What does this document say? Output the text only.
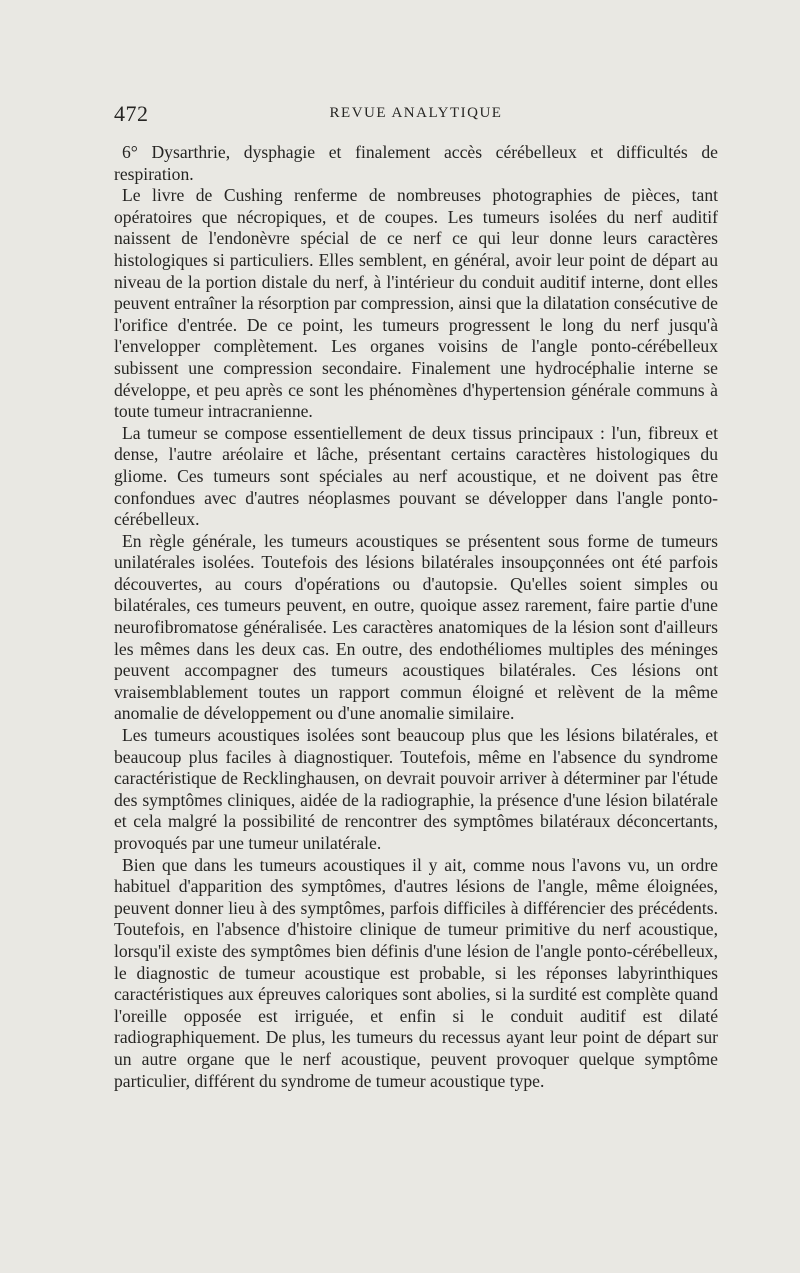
472	REVUE ANALYTIQUE

6° Dysarthrie, dysphagie et finalement accès cérébelleux et difficultés de respiration.

Le livre de Cushing renferme de nombreuses photographies de pièces, tant opératoires que nécropiques, et de coupes. Les tumeurs isolées du nerf auditif naissent de l'endonèvre spécial de ce nerf ce qui leur donne leurs caractères histologiques si particuliers. Elles semblent, en général, avoir leur point de départ au niveau de la portion distale du nerf, à l'intérieur du conduit auditif interne, dont elles peuvent entraîner la résorption par compression, ainsi que la dilatation consécutive de l'orifice d'entrée. De ce point, les tumeurs progressent le long du nerf jusqu'à l'envelopper complètement. Les organes voisins de l'angle ponto-cérébelleux subissent une compression secondaire. Finalement une hydrocéphalie interne se développe, et peu après ce sont les phénomènes d'hypertension générale communs à toute tumeur intracranienne.

La tumeur se compose essentiellement de deux tissus principaux : l'un, fibreux et dense, l'autre aréolaire et lâche, présentant certains caractères histologiques du gliome. Ces tumeurs sont spéciales au nerf acoustique, et ne doivent pas être confondues avec d'autres néoplasmes pouvant se développer dans l'angle ponto-cérébelleux.

En règle générale, les tumeurs acoustiques se présentent sous forme de tumeurs unilatérales isolées. Toutefois des lésions bilatérales insoupçonnées ont été parfois découvertes, au cours d'opérations ou d'autopsie. Qu'elles soient simples ou bilatérales, ces tumeurs peuvent, en outre, quoique assez rarement, faire partie d'une neurofibromatose généralisée. Les caractères anatomiques de la lésion sont d'ailleurs les mêmes dans les deux cas. En outre, des endothéliomes multiples des méninges peuvent accompagner des tumeurs acoustiques bilatérales. Ces lésions ont vraisemblablement toutes un rapport commun éloigné et relèvent de la même anomalie de développement ou d'une anomalie similaire.

Les tumeurs acoustiques isolées sont beaucoup plus que les lésions bilatérales, et beaucoup plus faciles à diagnostiquer. Toutefois, même en l'absence du syndrome caractéristique de Recklinghausen, on devrait pouvoir arriver à déterminer par l'étude des symptômes cliniques, aidée de la radiographie, la présence d'une lésion bilatérale et cela malgré la possibilité de rencontrer des symptômes bilatéraux déconcertants, provoqués par une tumeur unilatérale.

Bien que dans les tumeurs acoustiques il y ait, comme nous l'avons vu, un ordre habituel d'apparition des symptômes, d'autres lésions de l'angle, même éloignées, peuvent donner lieu à des symptômes, parfois difficiles à différencier des précédents. Toutefois, en l'absence d'histoire clinique de tumeur primitive du nerf acoustique, lorsqu'il existe des symptômes bien définis d'une lésion de l'angle ponto-cérébelleux, le diagnostic de tumeur acoustique est probable, si les réponses labyrinthiques caractéristiques aux épreuves caloriques sont abolies, si la surdité est complète quand l'oreille opposée est irriguée, et enfin si le conduit auditif est dilaté radiographiquement. De plus, les tumeurs du recessus ayant leur point de départ sur un autre organe que le nerf acoustique, peuvent provoquer quelque symptôme particulier, différent du syndrome de tumeur acoustique type.
